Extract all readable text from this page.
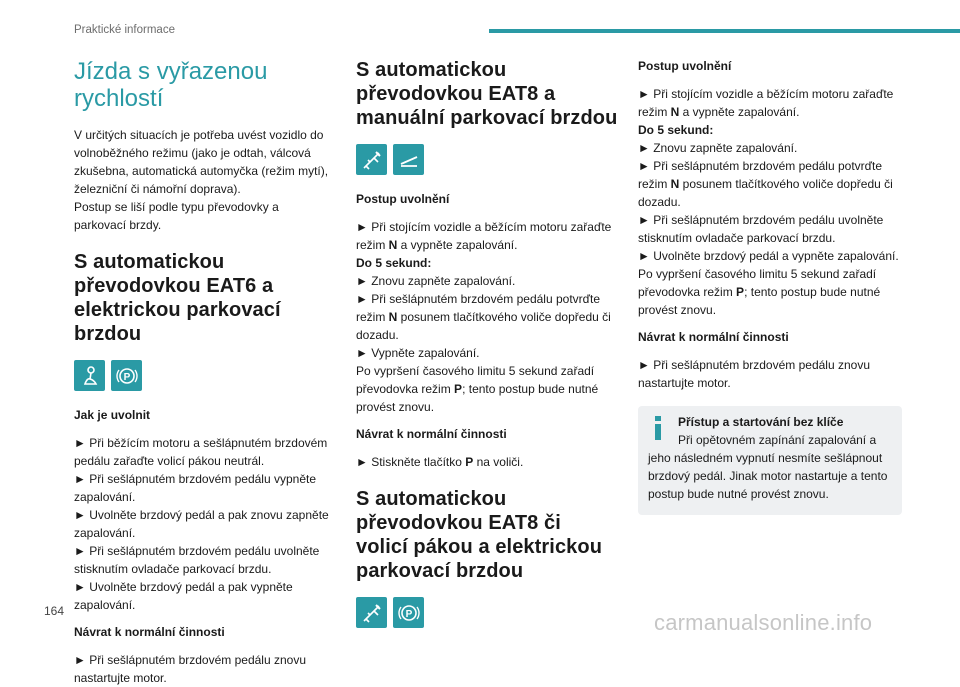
Praktické informace
Jízda s vyřazenou rychlostí

V určitých situacích je potřeba uvést vozidlo do volnoběžného režimu (jako je odtah, válcová zkušebna, automatická automyčka (režim mytí), železniční či námořní doprava).

Postup se liší podle typu převodovky a parkovací brzdy.

S automatickou převodovkou EAT6 a elektrickou parkovací brzdou
P

Jak je uvolnit

► Při běžícím motoru a sešlápnutém brzdovém pedálu zařaďte volicí pákou neutrál.

► Při sešlápnutém brzdovém pedálu vypněte zapalování.

► Uvolněte brzdový pedál a pak znovu zapněte zapalování.

► Při sešlápnutém brzdovém pedálu uvolněte stisknutím ovladače parkovací brzdu.

► Uvolněte brzdový pedál a pak vypněte zapalování.

Návrat k normální činnosti

► Při sešlápnutém brzdovém pedálu znovu nastartujte motor.

S automatickou převodovkou EAT8 a manuální parkovací brzdou

Postup uvolnění

► Při stojícím vozidle a běžícím motoru zařaďte režim N a vypněte zapalování.

Do 5 sekund:

► Znovu zapněte zapalování.

► Při sešlápnutém brzdovém pedálu potvrďte režim N posunem tlačítkového voliče dopředu či dozadu.

► Vypněte zapalování.

Po vypršení časového limitu 5 sekund zařadí převodovka režim P; tento postup bude nutné provést znovu.

Návrat k normální činnosti

► Stiskněte tlačítko P na voliči.

S automatickou převodovkou EAT8 či volicí pákou a elektrickou parkovací brzdou
P

Postup uvolnění

► Při stojícím vozidle a běžícím motoru zařaďte režim N a vypněte zapalování.

Do 5 sekund:

► Znovu zapněte zapalování.

► Při sešlápnutém brzdovém pedálu potvrďte režim N posunem tlačítkového voliče dopředu či dozadu.

► Při sešlápnutém brzdovém pedálu uvolněte stisknutím ovladače parkovací brzdu.

► Uvolněte brzdový pedál a vypněte zapalování.

Po vypršení časového limitu 5 sekund zařadí převodovka režim P; tento postup bude nutné provést znovu.

Návrat k normální činnosti

► Při sešlápnutém brzdovém pedálu znovu nastartujte motor.

Přístup a startování bez klíče

Při opětovném zapínání zapalování a
jeho následném vypnutí nesmíte sešlápnout brzdový pedál. Jinak motor nastartuje a tento postup bude nutné provést znovu.

164	carmanualsonline.info
